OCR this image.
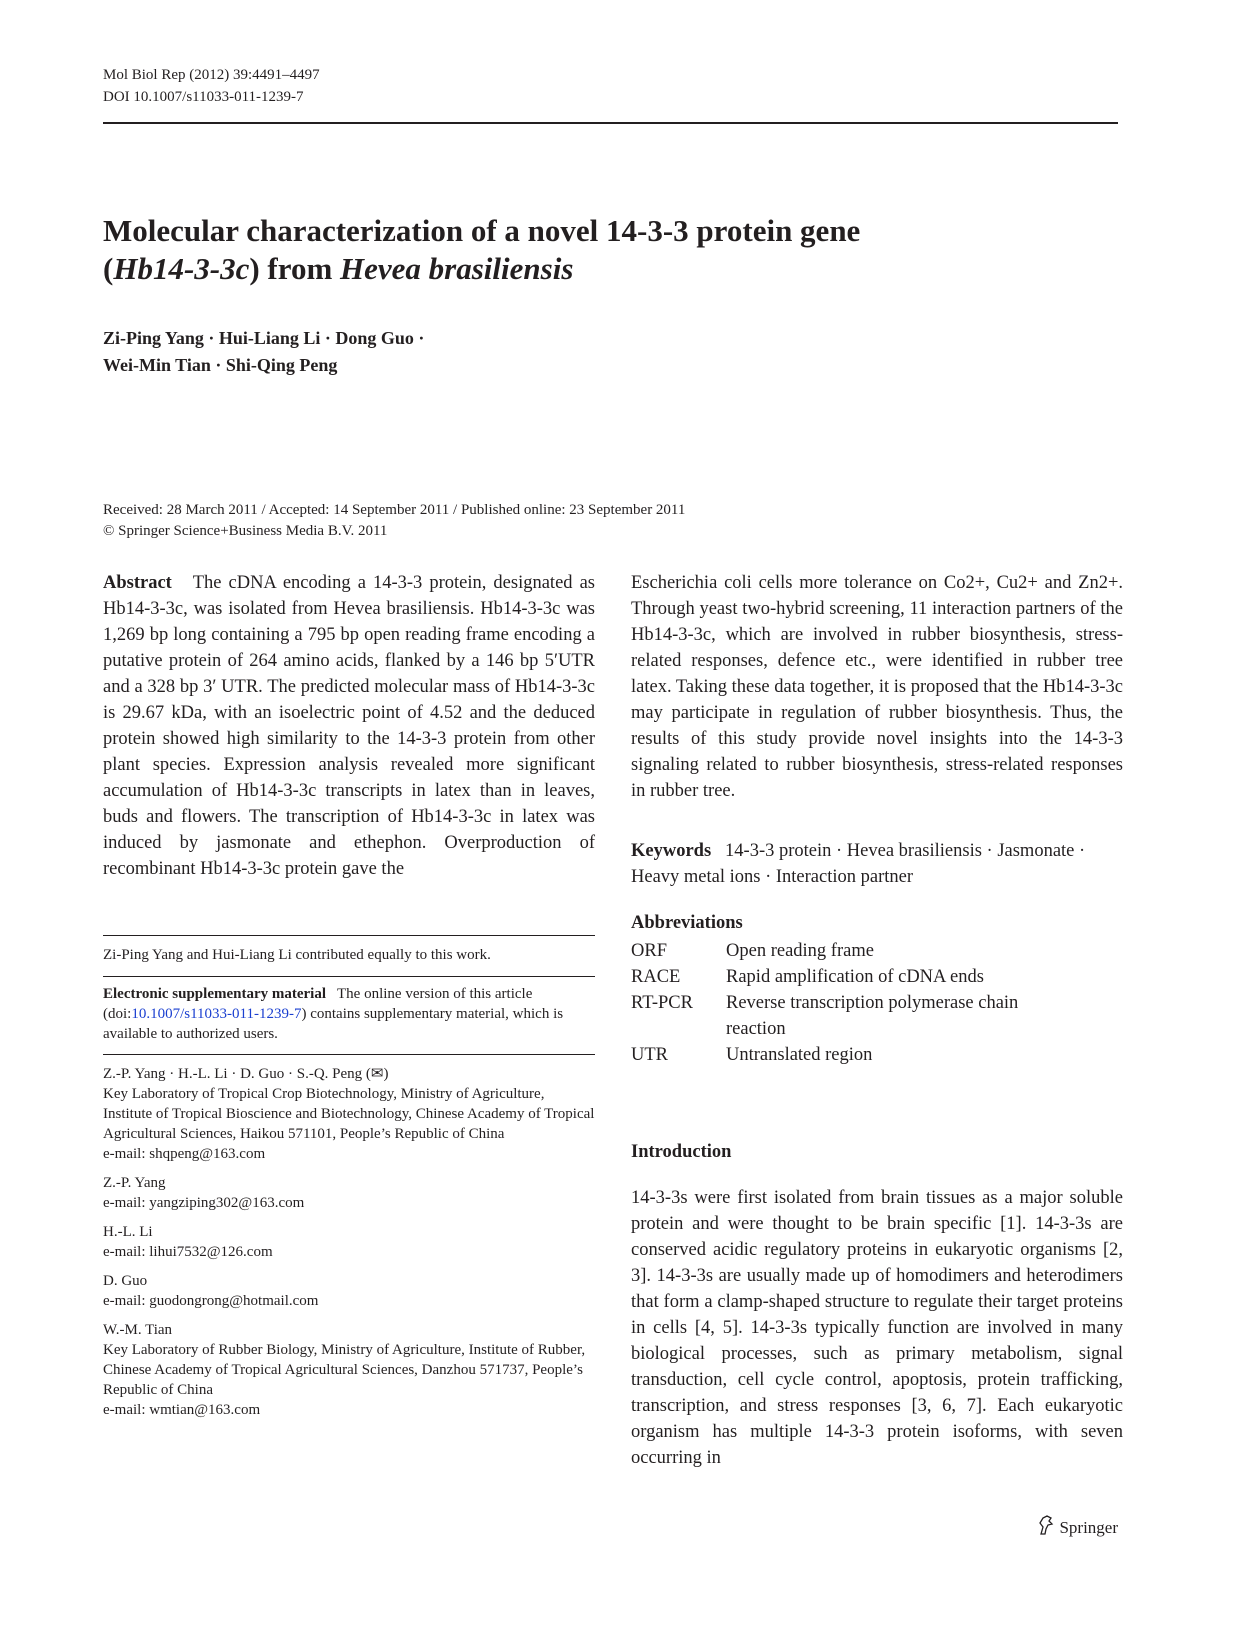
Mol Biol Rep (2012) 39:4491–4497
DOI 10.1007/s11033-011-1239-7
Molecular characterization of a novel 14-3-3 protein gene
(Hb14-3-3c) from Hevea brasiliensis
Zi-Ping Yang · Hui-Liang Li · Dong Guo ·
Wei-Min Tian · Shi-Qing Peng
Received: 28 March 2011 / Accepted: 14 September 2011 / Published online: 23 September 2011
© Springer Science+Business Media B.V. 2011

Abstract The cDNA encoding a 14-3-3 protein, designated as Hb14-3-3c, was isolated from Hevea brasiliensis. Hb14-3-3c was 1,269 bp long containing a 795 bp open reading frame encoding a putative protein of 264 amino acids, flanked by a 146 bp 5′UTR and a 328 bp 3′ UTR. The predicted molecular mass of Hb14-3-3c is 29.67 kDa, with an isoelectric point of 4.52 and the deduced protein showed high similarity to the 14-3-3 protein from other plant species. Expression analysis revealed more significant accumulation of Hb14-3-3c transcripts in latex than in leaves, buds and flowers. The transcription of Hb14-3-3c in latex was induced by jasmonate and ethephon. Overproduction of recombinant Hb14-3-3c protein gave the

Zi-Ping Yang and Hui-Liang Li contributed equally to this work.

Electronic supplementary material The online version of this article (doi:10.1007/s11033-011-1239-7) contains supplementary material, which is available to authorized users.

Z.-P. Yang · H.-L. Li · D. Guo · S.-Q. Peng (✉)
Key Laboratory of Tropical Crop Biotechnology, Ministry of Agriculture, Institute of Tropical Bioscience and Biotechnology, Chinese Academy of Tropical Agricultural Sciences, Haikou 571101, People’s Republic of China
e-mail: shqpeng@163.com
Z.-P. Yang
e-mail: yangziping302@163.com
H.-L. Li
e-mail: lihui7532@126.com
D. Guo
e-mail: guodongrong@hotmail.com
W.-M. Tian
Key Laboratory of Rubber Biology, Ministry of Agriculture, Institute of Rubber, Chinese Academy of Tropical Agricultural Sciences, Danzhou 571737, People’s Republic of China
e-mail: wmtian@163.com
Escherichia coli cells more tolerance on Co2+, Cu2+ and Zn2+. Through yeast two-hybrid screening, 11 interaction partners of the Hb14-3-3c, which are involved in rubber biosynthesis, stress-related responses, defence etc., were identified in rubber tree latex. Taking these data together, it is proposed that the Hb14-3-3c may participate in regulation of rubber biosynthesis. Thus, the results of this study provide novel insights into the 14-3-3 signaling related to rubber biosynthesis, stress-related responses in rubber tree.
Keywords 14-3-3 protein · Hevea brasiliensis · Jasmonate · Heavy metal ions · Interaction partner
Abbreviations
ORF	Open reading frame
RACE	Rapid amplification of cDNA ends
RT-PCR	Reverse transcription polymerase chain reaction
UTR	Untranslated region
Introduction
14-3-3s were first isolated from brain tissues as a major soluble protein and were thought to be brain specific [1]. 14-3-3s are conserved acidic regulatory proteins in eukaryotic organisms [2, 3]. 14-3-3s are usually made up of homodimers and heterodimers that form a clamp-shaped structure to regulate their target proteins in cells [4, 5]. 14-3-3s typically function are involved in many biological processes, such as primary metabolism, signal transduction, cell cycle control, apoptosis, protein trafficking, transcription, and stress responses [3, 6, 7]. Each eukaryotic organism has multiple 14-3-3 protein isoforms, with seven occurring in
Springer
